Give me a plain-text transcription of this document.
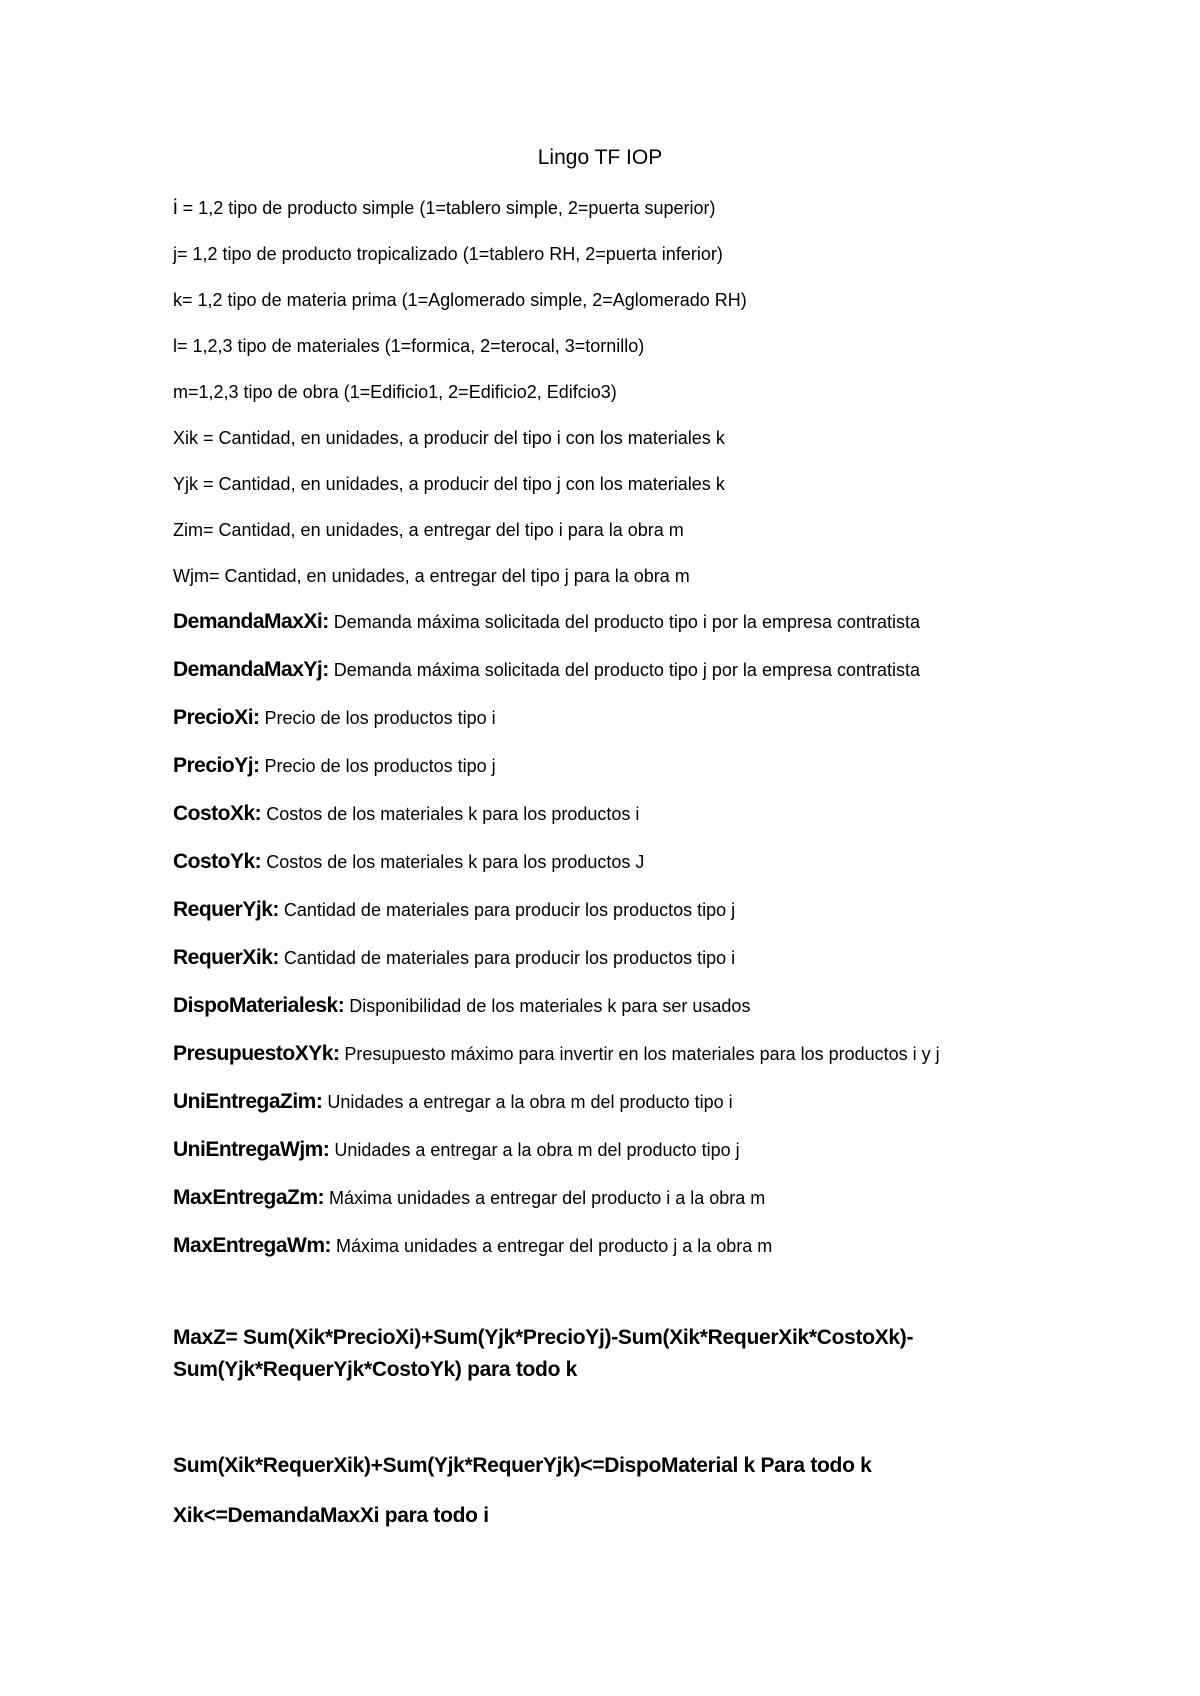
Lingo TF IOP
i = 1,2 tipo de producto simple (1=tablero simple, 2=puerta superior)
j= 1,2 tipo de producto tropicalizado (1=tablero RH, 2=puerta inferior)
k= 1,2 tipo de materia prima (1=Aglomerado simple, 2=Aglomerado RH)
l= 1,2,3 tipo de materiales (1=formica, 2=terocal, 3=tornillo)
m=1,2,3 tipo de obra (1=Edificio1, 2=Edificio2, Edifcio3)
Xik = Cantidad, en unidades, a producir del tipo i con los materiales k
Yjk = Cantidad, en unidades, a producir del tipo j con los materiales k
Zim= Cantidad, en unidades, a entregar del tipo i para la obra m
Wjm= Cantidad, en unidades, a entregar del tipo j para la obra m
DemandaMaxXi: Demanda máxima solicitada del producto tipo i por la empresa contratista
DemandaMaxYj: Demanda máxima solicitada del producto tipo j por la empresa contratista
PrecioXi: Precio de los productos tipo i
PrecioYj: Precio de los productos tipo j
CostoXk: Costos de los materiales k para los productos i
CostoYk: Costos de los materiales k para los productos J
RequerYjk: Cantidad de materiales para producir los productos tipo j
RequerXik: Cantidad de materiales para producir los productos tipo i
DispoMaterialesk: Disponibilidad de los materiales k para ser usados
PresupuestoXYk: Presupuesto máximo para invertir en los materiales para los productos i y j
UniEntregaZim: Unidades a entregar a la obra m del producto tipo i
UniEntregaWjm: Unidades a entregar a la obra m del producto tipo j
MaxEntregaZm: Máxima unidades a entregar del producto i a la obra m
MaxEntregaWm: Máxima unidades a entregar del producto j a la obra m
MaxZ= Sum(Xik*PrecioXi)+Sum(Yjk*PrecioYj)-Sum(Xik*RequerXik*CostoXk)-
Sum(Yjk*RequerYjk*CostoYk) para todo k
Sum(Xik*RequerXik)+Sum(Yjk*RequerYjk)<=DispoMaterial k Para todo k
Xik<=DemandaMaxXi para todo i
